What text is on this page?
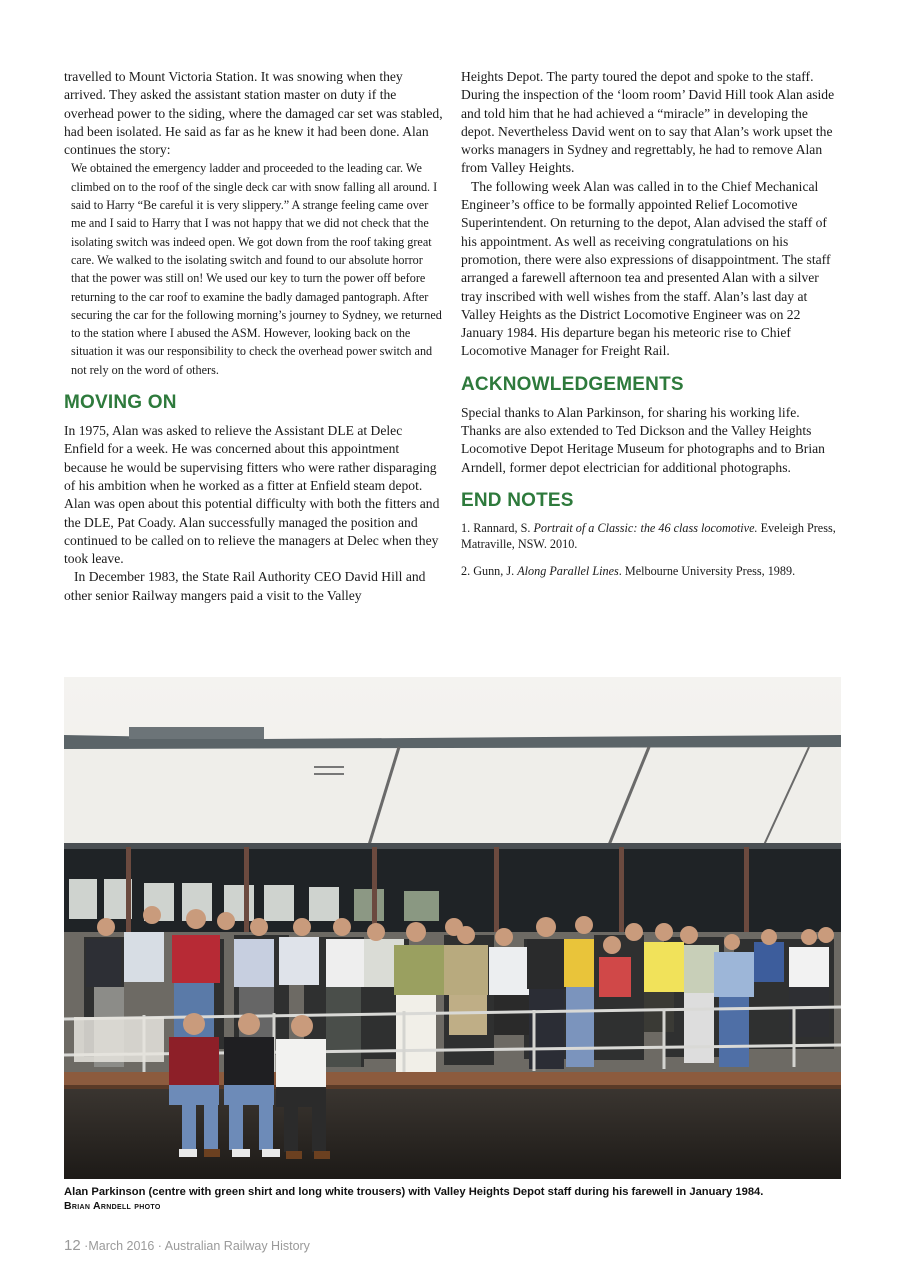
travelled to Mount Victoria Station. It was snowing when they arrived. They asked the assistant station master on duty if the overhead power to the siding, where the damaged car set was stabled, had been isolated. He said as far as he knew it had been done. Alan continues the story:

We obtained the emergency ladder and proceeded to the leading car. We climbed on to the roof of the single deck car with snow falling all around. I said to Harry “Be careful it is very slippery.” A strange feeling came over me and I said to Harry that I was not happy that we did not check that the isolating switch was indeed open. We got down from the roof taking great care. We walked to the isolating switch and found to our absolute horror that the power was still on! We used our key to turn the power off before returning to the car roof to examine the badly damaged pantograph. After securing the car for the following morning’s journey to Sydney, we returned to the station where I abused the ASM. However, looking back on the situation it was our responsibility to check the overhead power switch and not rely on the word of others.

MOVING ON

In 1975, Alan was asked to relieve the Assistant DLE at Delec Enfield for a week. He was concerned about this appointment because he would be supervising fitters who were rather disparaging of his ambition when he worked as a fitter at Enfield steam depot. Alan was open about this potential difficulty with both the fitters and the DLE, Pat Coady. Alan successfully managed the position and continued to be called on to relieve the managers at Delec when they took leave.

In December 1983, the State Rail Authority CEO David Hill and other senior Railway mangers paid a visit to the Valley

Heights Depot. The party toured the depot and spoke to the staff. During the inspection of the ‘loom room’ David Hill took Alan aside and told him that he had achieved a “miracle” in developing the depot. Nevertheless David went on to say that Alan’s work upset the works managers in Sydney and regrettably, he had to remove Alan from Valley Heights.

The following week Alan was called in to the Chief Mechanical Engineer’s office to be formally appointed Relief Locomotive Superintendent. On returning to the depot, Alan advised the staff of his appointment. As well as receiving congratulations on his promotion, there were also expressions of disappointment. The staff arranged a farewell afternoon tea and presented Alan with a silver tray inscribed with well wishes from the staff. Alan’s last day at Valley Heights as the District Locomotive Engineer was on 22 January 1984. His departure began his meteoric rise to Chief Locomotive Manager for Freight Rail.

ACKNOWLEDGEMENTS

Special thanks to Alan Parkinson, for sharing his working life. Thanks are also extended to Ted Dickson and the Valley Heights Locomotive Depot Heritage Museum for photographs and to Brian Arndell, former depot electrician for additional photographs.

END NOTES

1. Rannard, S. Portrait of a Classic: the 46 class locomotive. Eveleigh Press, Matraville, NSW. 2010.

2. Gunn, J. Along Parallel Lines. Melbourne University Press, 1989.

Alan Parkinson (centre with green shirt and long white trousers) with Valley Heights Depot staff during his farewell in January 1984.
Brian Arndell photo
12 ·March 2016 · Australian Railway History
